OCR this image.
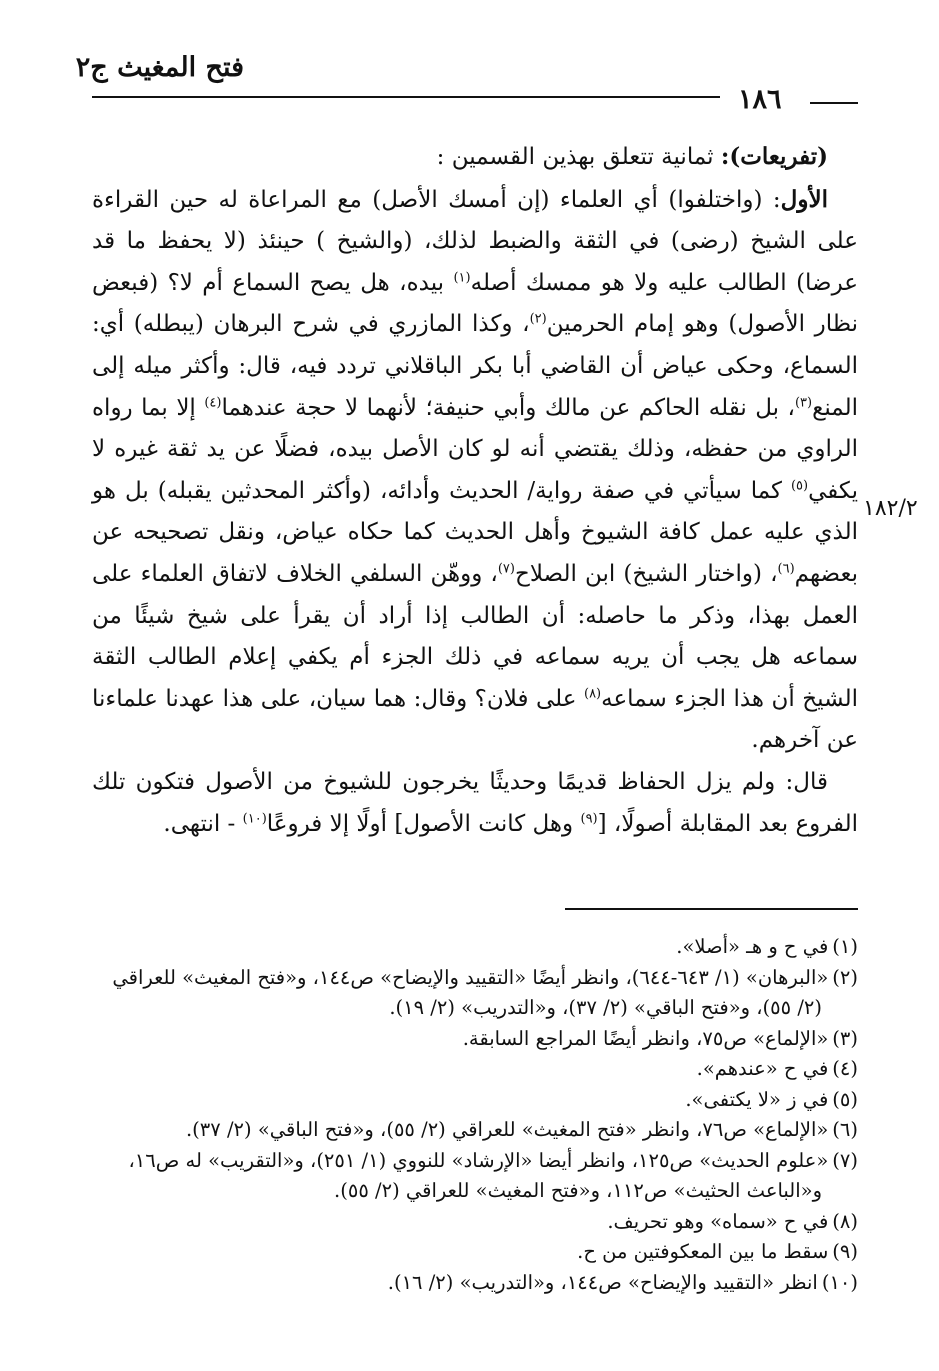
فتح المغيث ج٢
١٨٦
١٨٢/٢

(تفريعات): ثمانية تتعلق بهذين القسمين :

الأول: (واختلفوا) أي العلماء (إن أمسك الأصل) مع المراعاة له حين القراءة على الشيخ (رضى) في الثقة والضبط لذلك، (والشيخ ) حينئذ (لا يحفظ ما قد عرضا) الطالب عليه ولا هو ممسك أصله$^{(١)}$ بيده، هل يصح السماع أم لا؟ (فبعض نظار الأصول) وهو إمام الحرمين$^{(٢)}$، وكذا المازري في شرح البرهان (يبطله) أي: السماع، وحكى عياض أن القاضي أبا بكر الباقلاني تردد فيه، قال: وأكثر ميله إلى المنع$^{(٣)}$، بل نقله الحاكم عن مالك وأبي حنيفة؛ لأنهما لا حجة عندهما$^{(٤)}$ إلا بما رواه الراوي من حفظه، وذلك يقتضي أنه لو كان الأصل بيده، فضلًا عن يد ثقة غيره لا يكفي$^{(٥)}$ كما سيأتي في صفة رواية/ الحديث وأدائه، (وأكثر المحدثين يقبله) بل هو الذي عليه عمل كافة الشيوخ وأهل الحديث كما حكاه عياض، ونقل تصحيحه عن بعضهم$^{(٦)}$، (واختار الشيخ) ابن الصلاح$^{(٧)}$، ووهّن السلفي الخلاف لاتفاق العلماء على العمل بهذا، وذكر ما حاصله: أن الطالب إذا أراد أن يقرأ على شيخ شيئًا من سماعه هل يجب أن يريه سماعه في ذلك الجزء أم يكفي إعلام الطالب الثقة الشيخ أن هذا الجزء سماعه$^{(٨)}$ على فلان؟ وقال: هما سيان، على هذا عهدنا علماءنا عن آخرهم.

قال: ولم يزل الحفاظ قديمًا وحديثًا يخرجون للشيوخ من الأصول فتكون تلك الفروع بعد المقابلة أصولًا، [$^{(٩)}$ وهل كانت الأصول] أولًا إلا فروعًا$^{(١٠)}$ - انتهى.

(١)في ح و هـ «أصلا».

(٢)«البرهان» (١/ ٦٤٣-٦٤٤)، وانظر أيضًا «التقييد والإيضاح» ص١٤٤، و«فتح المغيث» للعراقي

(٢/ ٥٥)، و«فتح الباقي» (٢/ ٣٧)، و«التدريب» (٢/ ١٩).

(٣)«الإلماع» ص٧٥، وانظر أيضًا المراجع السابقة.

(٤)في ح «عندهم».

(٥)في ز «لا يكتفى».

(٦)«الإلماع» ص٧٦، وانظر «فتح المغيث» للعراقي (٢/ ٥٥)، و«فتح الباقي» (٢/ ٣٧).

(٧)«علوم الحديث» ص١٢٥، وانظر أيضا «الإرشاد» للنووي (١/ ٢٥١)، و«التقريب» له ص١٦،

و«الباعث الحثيث» ص١١٢، و«فتح المغيث» للعراقي (٢/ ٥٥).

(٨)في ح «سماه» وهو تحريف.

(٩)سقط ما بين المعكوفتين من ح.

(١٠)انظر «التقييد والإيضاح» ص١٤٤، و«التدريب» (٢/ ١٦).
